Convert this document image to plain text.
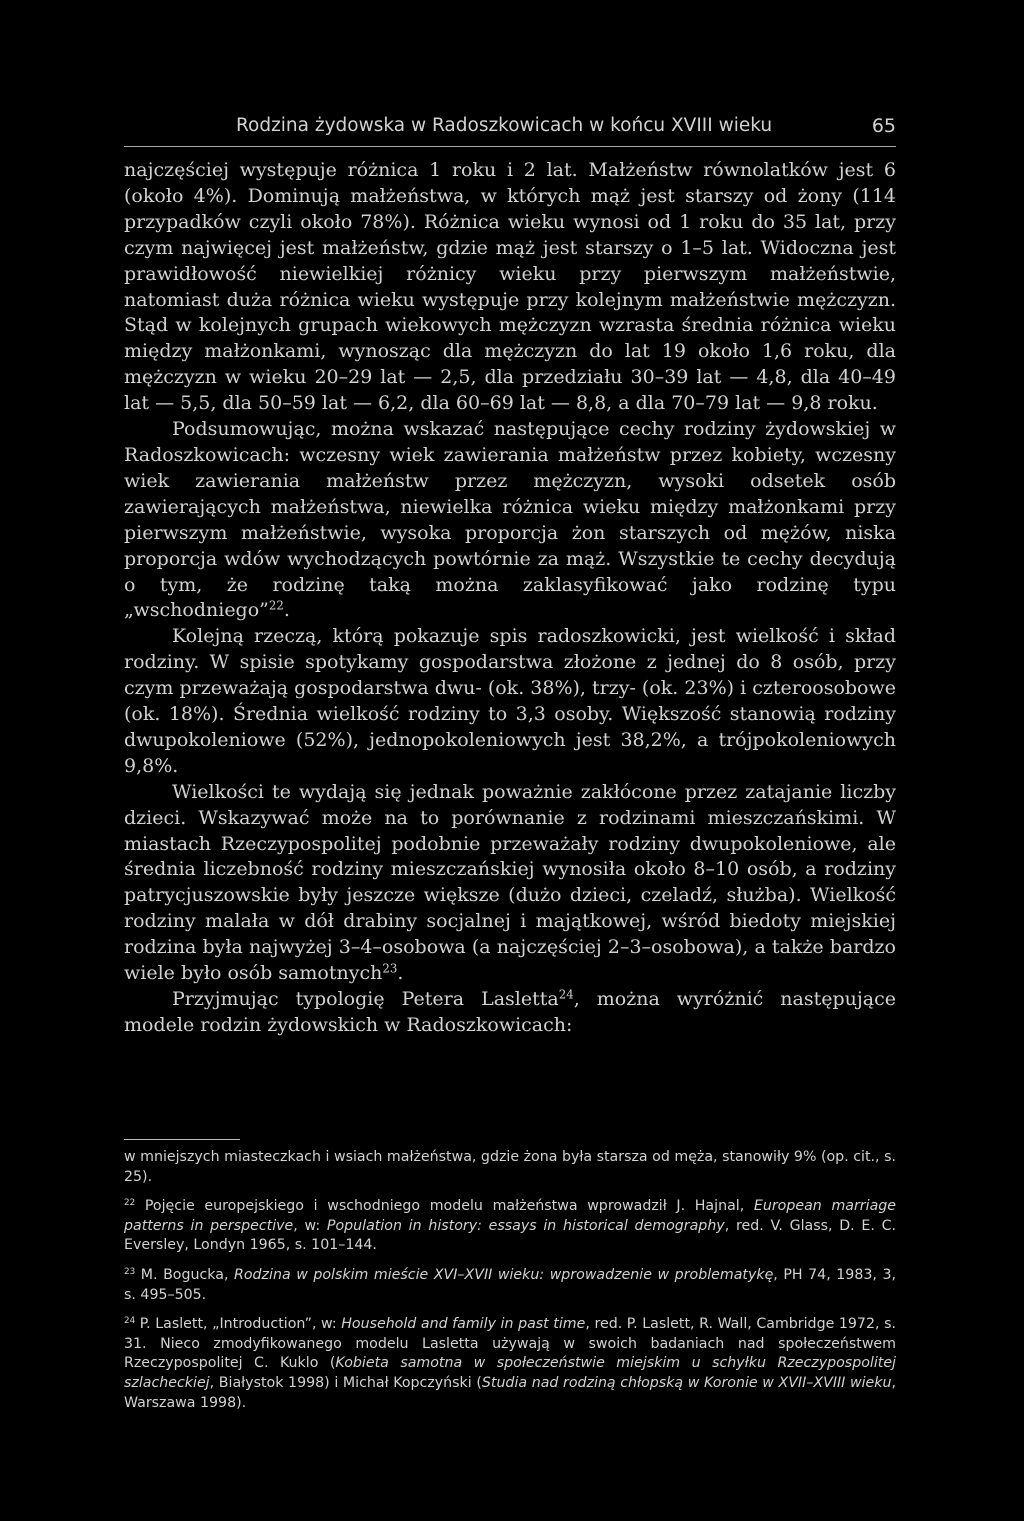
Rodzina żydowska w Radoszkowicach w końcu XVIII wieku	65

najczęściej występuje różnica 1 roku i 2 lat. Małżeństw równolatków jest 6 (około 4%). Dominują małżeństwa, w których mąż jest starszy od żony (114 przypadków czyli około 78%). Różnica wieku wynosi od 1 roku do 35 lat, przy czym najwięcej jest małżeństw, gdzie mąż jest starszy o 1–5 lat. Widoczna jest prawidłowość niewielkiej różnicy wieku przy pierwszym małżeństwie, natomiast duża różnica wieku występuje przy kolejnym małżeństwie mężczyzn. Stąd w kolejnych grupach wiekowych mężczyzn wzrasta średnia różnica wieku między małżonkami, wynosząc dla mężczyzn do lat 19 około 1,6 roku, dla mężczyzn w wieku 20–29 lat — 2,5, dla przedziału 30–39 lat — 4,8, dla 40–49 lat — 5,5, dla 50–59 lat — 6,2, dla 60–69 lat — 8,8, a dla 70–79 lat — 9,8 roku.

Podsumowując, można wskazać następujące cechy rodziny żydowskiej w Radoszkowicach: wczesny wiek zawierania małżeństw przez kobiety, wczesny wiek zawierania małżeństw przez mężczyzn, wysoki odsetek osób zawierających małżeństwa, niewielka różnica wieku między małżonkami przy pierwszym małżeństwie, wysoka proporcja żon starszych od mężów, niska proporcja wdów wychodzących powtórnie za mąż. Wszystkie te cechy decydują o tym, że rodzinę taką można zaklasyfikować jako rodzinę typu „wschodniego”$^{22}$.

Kolejną rzeczą, którą pokazuje spis radoszkowicki, jest wielkość i skład rodziny. W spisie spotykamy gospodarstwa złożone z jednej do 8 osób, przy czym przeważają gospodarstwa dwu- (ok. 38%), trzy- (ok. 23%) i czteroosobowe (ok. 18%). Średnia wielkość rodziny to 3,3 osoby. Większość stanowią rodziny dwupokoleniowe (52%), jednopokoleniowych jest 38,2%, a trójpokoleniowych 9,8%.

Wielkości te wydają się jednak poważnie zakłócone przez zatajanie liczby dzieci. Wskazywać może na to porównanie z rodzinami mieszczańskimi. W miastach Rzeczypospolitej podobnie przeważały rodziny dwupokoleniowe, ale średnia liczebność rodziny mieszczańskiej wynosiła około 8–10 osób, a rodziny patrycjuszowskie były jeszcze większe (dużo dzieci, czeladź, służba). Wielkość rodziny malała w dół drabiny socjalnej i majątkowej, wśród biedoty miejskiej rodzina była najwyżej 3–4–osobowa (a najczęściej 2–3–osobowa), a także bardzo wiele było osób samotnych$^{23}$.

Przyjmując typologię Petera Lasletta$^{24}$, można wyróżnić następujące modele rodzin żydowskich w Radoszkowicach:

w mniejszych miasteczkach i wsiach małżeństwa, gdzie żona była starsza od męża, stanowiły 9% (op. cit., s. 25).

$^{22}$ Pojęcie europejskiego i wschodniego modelu małżeństwa wprowadził J. Hajnal, European marriage patterns in perspective, w: Population in history: essays in historical demography, red. V. Glass, D. E. C. Eversley, Londyn 1965, s. 101–144.

$^{23}$ M. Bogucka, Rodzina w polskim mieście XVI–XVII wieku: wprowadzenie w problematykę, PH 74, 1983, 3, s. 495–505.

$^{24}$ P. Laslett, „Introduction”, w: Household and family in past time, red. P. Laslett, R. Wall, Cambridge 1972, s. 31. Nieco zmodyfikowanego modelu Lasletta używają w swoich badaniach nad społeczeństwem Rzeczypospolitej C. Kuklo (Kobieta samotna w społeczeństwie miejskim u schyłku Rzeczypospolitej szlacheckiej, Białystok 1998) i Michał Kopczyński (Studia nad rodziną chłopską w Koronie w XVII–XVIII wieku, Warszawa 1998).
